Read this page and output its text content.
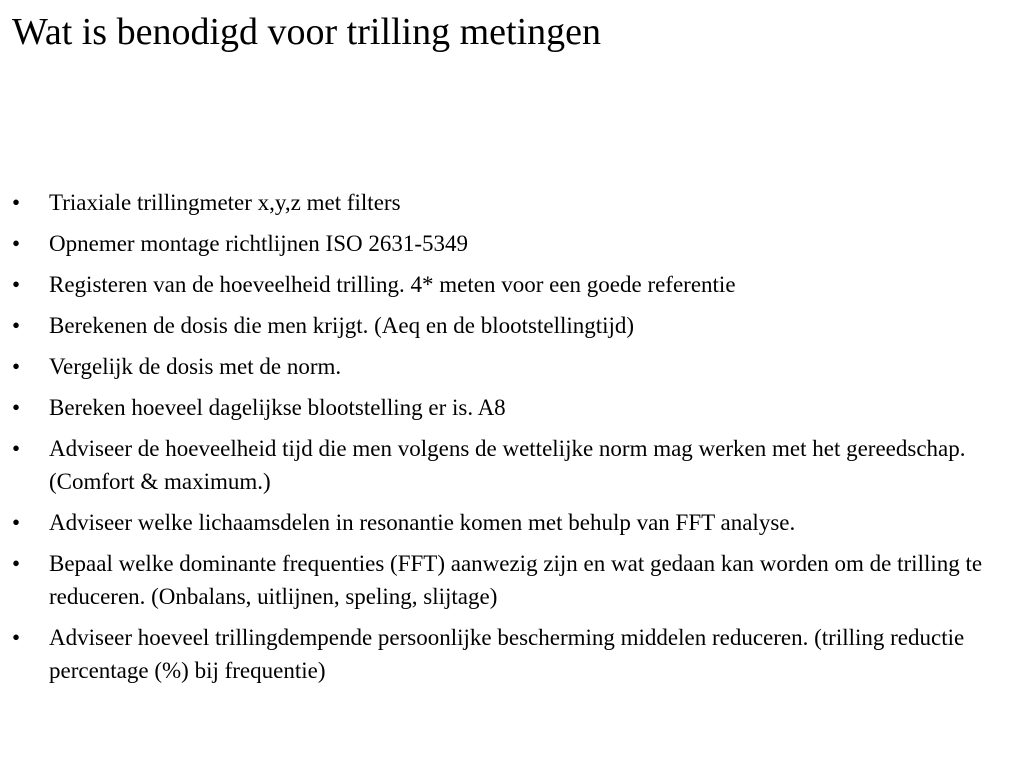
Wat is benodigd voor trilling metingen
• Triaxiale trillingmeter x,y,z met filters
• Opnemer montage richtlijnen ISO 2631-5349
• Registeren van de hoeveelheid trilling. 4* meten voor een goede referentie
• Berekenen de dosis die men krijgt. (Aeq en de blootstellingtijd)
• Vergelijk de dosis met de norm.
• Bereken hoeveel dagelijkse blootstelling er is. A8
• Adviseer de hoeveelheid tijd die men volgens de wettelijke norm mag werken met het gereedschap. (Comfort & maximum.)
• Adviseer welke lichaamsdelen in resonantie komen met behulp van FFT analyse.
• Bepaal welke dominante frequenties (FFT) aanwezig zijn en wat gedaan kan worden om de trilling te reduceren. (Onbalans, uitlijnen, speling, slijtage)
• Adviseer hoeveel trillingdempende persoonlijke bescherming middelen reduceren. (trilling reductie percentage (%) bij frequentie)
